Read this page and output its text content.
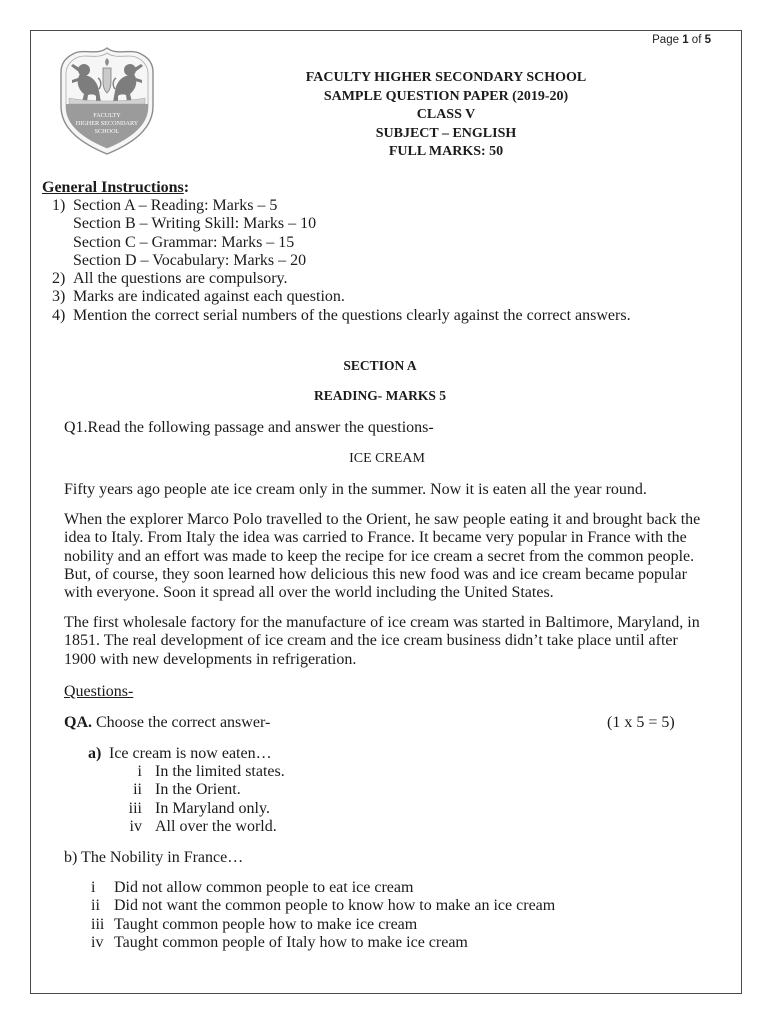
Page 1 of 5
FACULTY
HIGHER SECONDARY
SCHOOL
FACULTY HIGHER SECONDARY SCHOOL
SAMPLE QUESTION PAPER (2019-20)
CLASS V
SUBJECT – ENGLISH
FULL MARKS: 50
General Instructions:
1) Section A – Reading: Marks – 5
Section B – Writing Skill: Marks – 10
Section C – Grammar: Marks – 15
Section D – Vocabulary: Marks – 20
2) All the questions are compulsory.
3) Marks are indicated against each question.
4) Mention the correct serial numbers of the questions clearly against the correct answers.
SECTION A
READING- MARKS 5
Q1.Read the following passage and answer the questions-
ICE CREAM
Fifty years ago people ate ice cream only in the summer. Now it is eaten all the year round.
When the explorer Marco Polo travelled to the Orient, he saw people eating it and brought back the
idea to Italy. From Italy the idea was carried to France. It became very popular in France with the
nobility and an effort was made to keep the recipe for ice cream a secret from the common people.
But, of course, they soon learned how delicious this new food was and ice cream became popular
with everyone. Soon it spread all over the world including the United States.
The first wholesale factory for the manufacture of ice cream was started in Baltimore, Maryland, in
1851. The real development of ice cream and the ice cream business didn’t take place until after
1900 with new developments in refrigeration.
Questions-
QA. Choose the correct answer-	(1 x 5 = 5)
a) Ice cream is now eaten…
i In the limited states.
ii In the Orient.
iii In Maryland only.
iv All over the world.
b) The Nobility in France…
i	Did not allow common people to eat ice cream
ii Did not want the common people to know how to make an ice cream
iii Taught common people how to make ice cream
iv Taught common people of Italy how to make ice cream
